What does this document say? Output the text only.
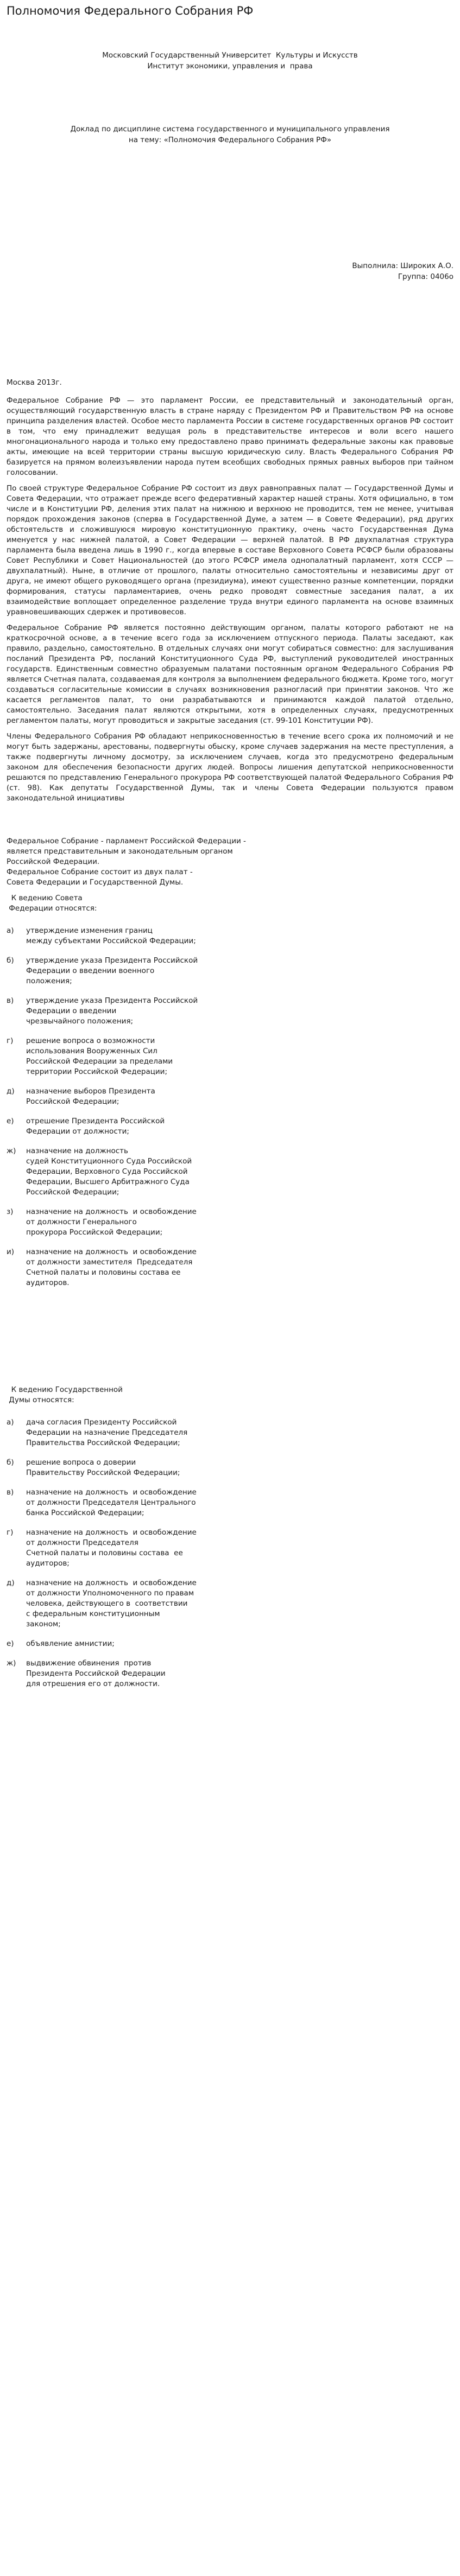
Полномочия Федерального Собрания РФ
Московский Государственный Университет  Культуры и Искусств
Институт экономики, управления и  права
Доклад по дисциплине система государственного и муниципального управления
на тему: «Полномочия Федерального Собрания РФ»
Выполнила: Широких А.О.
Группа: 0406о
Москва 2013г.

Федеральное Собрание РФ — это парламент России, ее представительный и законодательный орган, осуществляющий государственную власть в стране наряду с Президентом РФ и Правительством РФ на основе принципа разделения властей. Особое место парламента России в системе государственных органов РФ состоит в том, что ему принадлежит ведущая роль в представительстве интересов и воли всего нашего многонационального народа и только ему предоставлено право принимать федеральные законы как правовые акты, имеющие на всей территории страны высшую юридическую силу. Власть Федерального Собрания РФ базируется на прямом волеизъявлении народа путем всеобщих свободных прямых равных выборов при тайном голосовании.

По своей структуре Федеральное Собрание РФ состоит из двух равноправных палат — Государственной Думы и Совета Федерации, что отражает прежде всего федеративный характер нашей страны. Хотя официально, в том числе и в Конституции РФ, деления этих палат на нижнюю и верхнюю не проводится, тем не менее, учитывая порядок прохождения законов (сперва в Государственной Думе, а затем — в Совете Федерации), ряд других обстоятельств и сложившуюся мировую конституционную практику, очень часто Государственная Дума именуется у нас нижней палатой, а Совет Федерации — верхней палатой. В РФ двухпалатная структура парламента была введена лишь в 1990 г., когда впервые в составе Верховного Совета РСФСР были образованы Совет Республики и Совет Национальностей (до этого РСФСР имела однопалатный парламент, хотя СССР — двухпалатный). Ныне, в отличие от прошлого, палаты относительно самостоятельны и независимы друг от друга, не имеют общего руководящего органа (президиума), имеют существенно разные компетенции, порядки формирования, статусы парламентариев, очень редко проводят совместные заседания палат, а их взаимодействие воплощает определенное разделение труда внутри единого парламента на основе взаимных уравновешивающих сдержек и противовесов.

Федеральное Собрание РФ является постоянно действующим органом, палаты которого работают не на краткосрочной основе, а в течение всего года за исключением отпускного периода. Палаты заседают, как правило, раздельно, самостоятельно. В отдельных случаях они могут собираться совместно: для заслушивания посланий Президента РФ, посланий Конституционного Суда РФ, выступлений руководителей иностранных государств. Единственным совместно образуемым палатами постоянным органом Федерального Собрания РФ является Счетная палата, создаваемая для контроля за выполнением федерального бюджета. Кроме того, могут создаваться согласительные комиссии в случаях возникновения разногласий при принятии законов. Что же касается регламентов палат, то они разрабатываются и принимаются каждой палатой отдельно, самостоятельно. Заседания палат являются открытыми, хотя в определенных случаях, предусмотренных регламентом палаты, могут проводиться и закрытые заседания (ст. 99-101 Конституции РФ).

Члены Федерального Собрания РФ обладают неприкосновенностью в течение всего срока их полномочий и не могут быть задержаны, арестованы, подвергнуты обыску, кроме случаев задержания на месте преступления, а также подвергнуты личному досмотру, за исключением случаев, когда это предусмотрено федеральным законом для обеспечения безопасности других людей. Вопросы лишения депутатской неприкосновенности решаются по представлению Генерального прокурора РФ соответствующей палатой Федерального Собрания РФ (ст. 98). Как депутаты Государственной Думы, так и члены Совета Федерации пользуются правом законодательной инициативы

Федеральное Собрание - парламент Российской Федерации -
является представительным и законодательным органом
Российской Федерации.
Федеральное Собрание состоит из двух палат -
Совета Федерации и Государственной Думы.
К ведению Совета
Федерации относятся:
а)	утверждение изменения границ
между субъектами Российской Федерации;
б)	утверждение указа Президента Российской
Федерации о введении военного
положения;
в)	утверждение указа Президента Российской
Федерации о введении
чрезвычайного положения;
г)	решение вопроса о возможности
использования Вооруженных Сил
Российской Федерации за пределами
территории Российской Федерации;
д)	назначение выборов Президента
Российской Федерации;
е)	отрешение Президента Российской
Федерации от должности;
ж)	назначение на должность
судей Конституционного Суда Российской
Федерации, Верховного Суда Российской
Федерации, Высшего Арбитражного Суда
Российской Федерации;
з)	назначение на должность  и освобождение
от должности Генерального
прокурора Российской Федерации;
и)	назначение на должность  и освобождение
от должности заместителя  Председателя
Счетной палаты и половины состава ее
аудиторов.
К ведению Государственной
Думы относятся:
а)	дача согласия Президенту Российской
Федерации на назначение Председателя
Правительства Российской Федерации;
б)	решение вопроса о доверии
Правительству Российской Федерации;
в)	назначение на должность  и освобождение
от должности Председателя Центрального
банка Российской Федерации;
г)	назначение на должность  и освобождение
от должности Председателя
Счетной палаты и половины состава  ее
аудиторов;
д)	назначение на должность  и освобождение
от должности Уполномоченного по правам
человека, действующего в  соответствии
с федеральным конституционным
законом;
е)	объявление амнистии;
ж)	выдвижение обвинения  против
Президента Российской Федерации
для отрешения его от должности.
